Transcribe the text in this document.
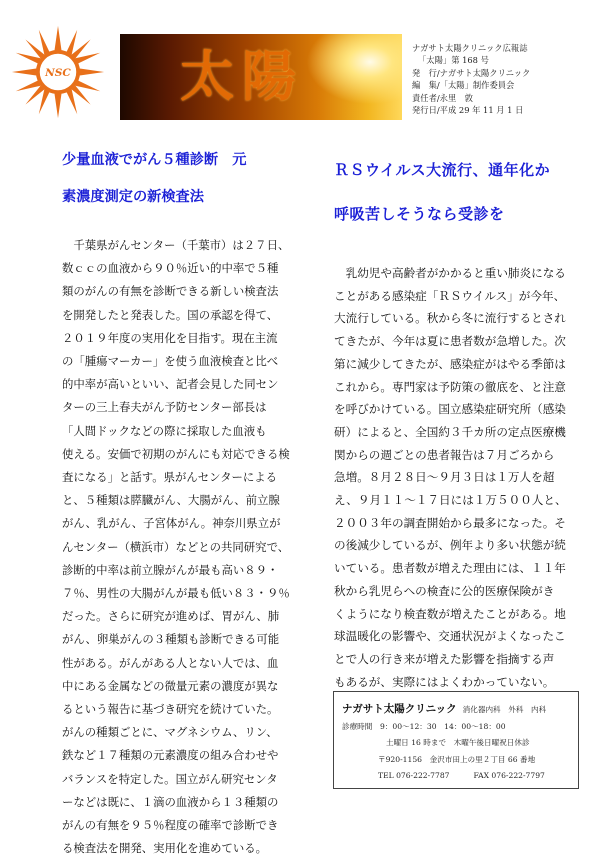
NSC 太陽	ナガサト太陽クリニック広報誌
「太陽」第 168 号
発　行/ナガサト太陽クリニック
編　集/「太陽」制作委員会
責任者/永里　敦
発行日/平成 29 年 11 月 1 日
少量血液でがん５種診断　元
素濃度測定の新検査法
　千葉県がんセンター（千葉市）は２７日、
数ｃｃの血液から９０％近い的中率で５種
類のがんの有無を診断できる新しい検査法
を開発したと発表した。国の承認を得て、
２０１９年度の実用化を目指す。現在主流
の「腫瘍マーカー」を使う血液検査と比べ
的中率が高いといい、記者会見した同セン
ターの三上春夫がん予防センター部長は
「人間ドックなどの際に採取した血液も
使える。安価で初期のがんにも対応できる検
査になる」と話す。県がんセンターによる
と、５種類は膵臓がん、大腸がん、前立腺
がん、乳がん、子宮体がん。神奈川県立が
んセンター（横浜市）などとの共同研究で、
診断的中率は前立腺がんが最も高い８９・
７％、男性の大腸がんが最も低い８３・９％
だった。さらに研究が進めば、胃がん、肺
がん、卵巣がんの３種類も診断できる可能
性がある。がんがある人とない人では、血
中にある金属などの微量元素の濃度が異な
るという報告に基づき研究を続けていた。
がんの種類ごとに、マグネシウム、リン、
鉄など１７種類の元素濃度の組み合わせや
バランスを特定した。国立がん研究センタ
ーなどは既に、１滴の血液から１３種類の
がんの有無を９５％程度の確率で診断でき
る検査法を開発、実用化を進めている。
ＲＳウイルス大流行、通年化か
呼吸苦しそうなら受診を
　乳幼児や高齢者がかかると重い肺炎になる
ことがある感染症「ＲＳウイルス」が今年、
大流行している。秋から冬に流行するとされ
てきたが、今年は夏に患者数が急増した。次
第に減少してきたが、感染症がはやる季節は
これから。専門家は予防策の徹底を、と注意
を呼びかけている。国立感染症研究所（感染
研）によると、全国約３千カ所の定点医療機
関からの週ごとの患者報告は７月ごろから
急増。８月２８日〜９月３日は１万人を超
え、９月１１〜１７日には１万５００人と、
２００３年の調査開始から最多になった。そ
の後減少しているが、例年より多い状態が続
いている。患者数が増えた理由には、１１年
秋から乳児らへの検査に公的医療保険がき
くようになり検査数が増えたことがある。地
球温暖化の影響や、交通状況がよくなったこ
とで人の行き来が増えた影響を指摘する声
もあるが、実際にはよくわかっていない。
ナガサト太陽クリニック 消化器内科　外科　内科
診療時間　9：00〜12：30　14：00〜18：00
土曜日 16 時まで　木曜午後日曜祝日休診
〒920-1156　金沢市田上の里２丁目 66 番地
TEL 076-222-7787	FAX 076-222-7797
